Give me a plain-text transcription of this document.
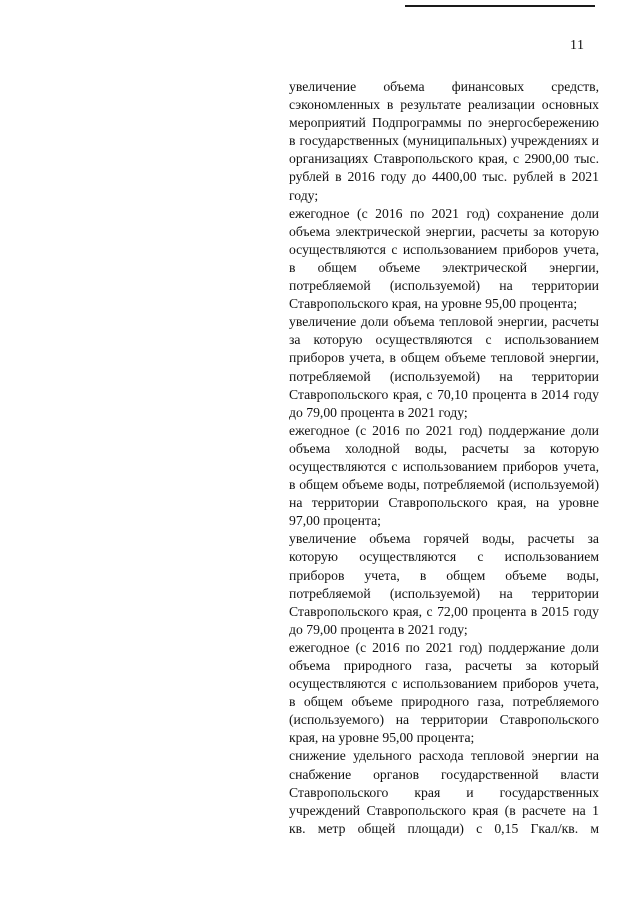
11

увеличение объема финансовых средств, сэкономленных в результате реализации основных мероприятий Подпрограммы по энергосбережению в государственных (муниципальных) учреждениях и организациях Ставропольского края, с 2900,00 тыс. рублей в 2016 году до 4400,00 тыс. рублей в 2021 году;

ежегодное (с 2016 по 2021 год) сохранение доли объема электрической энергии, расчеты за которую осуществляются с использованием приборов учета, в общем объеме электрической энергии, потребляемой (используемой) на территории Ставропольского края, на уровне 95,00 процента;

увеличение доли объема тепловой энергии, расчеты за которую осуществляются с использованием приборов учета, в общем объеме тепловой энергии, потребляемой (используемой) на территории Ставропольского края, с 70,10 процента в 2014 году до 79,00 процента в 2021 году;

ежегодное (с 2016 по 2021 год) поддержание доли объема холодной воды, расчеты за которую осуществляются с использованием приборов учета, в общем объеме воды, потребляемой (используемой) на территории Ставропольского края, на уровне 97,00 процента;

увеличение объема горячей воды, расчеты за которую осуществляются с использованием приборов учета, в общем объеме воды, потребляемой (используемой) на территории Ставропольского края, с 72,00 процента в 2015 году до 79,00 процента в 2021 году;

ежегодное (с 2016 по 2021 год) поддержание доли объема природного газа, расчеты за который осуществляются с использованием приборов учета, в общем объеме природного газа, потребляемого (используемого) на территории Ставропольского края, на уровне 95,00 процента;

снижение удельного расхода тепловой энергии на снабжение органов государственной власти Ставропольского края и государственных учреждений Ставропольского края (в расчете на 1 кв. метр общей площади) с 0,15 Гкал/кв. м
